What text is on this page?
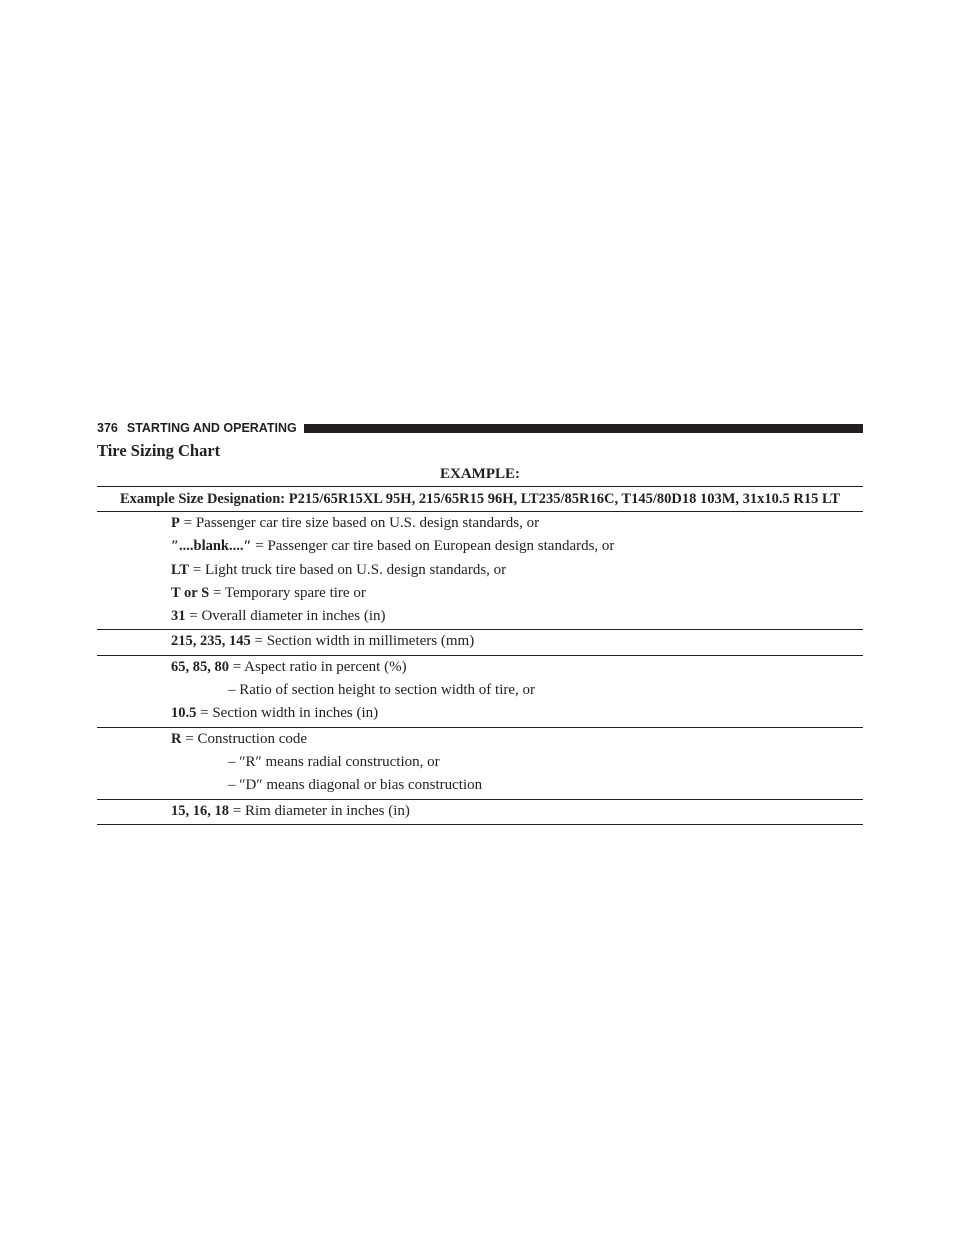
376 STARTING AND OPERATING
Tire Sizing Chart
EXAMPLE:
Example Size Designation: P215/65R15XL 95H, 215/65R15 96H, LT235/85R16C, T145/80D18 103M, 31x10.5 R15 LT
P = Passenger car tire size based on U.S. design standards, or
″....blank....″ = Passenger car tire based on European design standards, or
LT = Light truck tire based on U.S. design standards, or
T or S = Temporary spare tire or
31 = Overall diameter in inches (in)
215, 235, 145 = Section width in millimeters (mm)
65, 85, 80 = Aspect ratio in percent (%)
– Ratio of section height to section width of tire, or
10.5 = Section width in inches (in)
R = Construction code
– ″R″ means radial construction, or
– ″D″ means diagonal or bias construction
15, 16, 18 = Rim diameter in inches (in)
